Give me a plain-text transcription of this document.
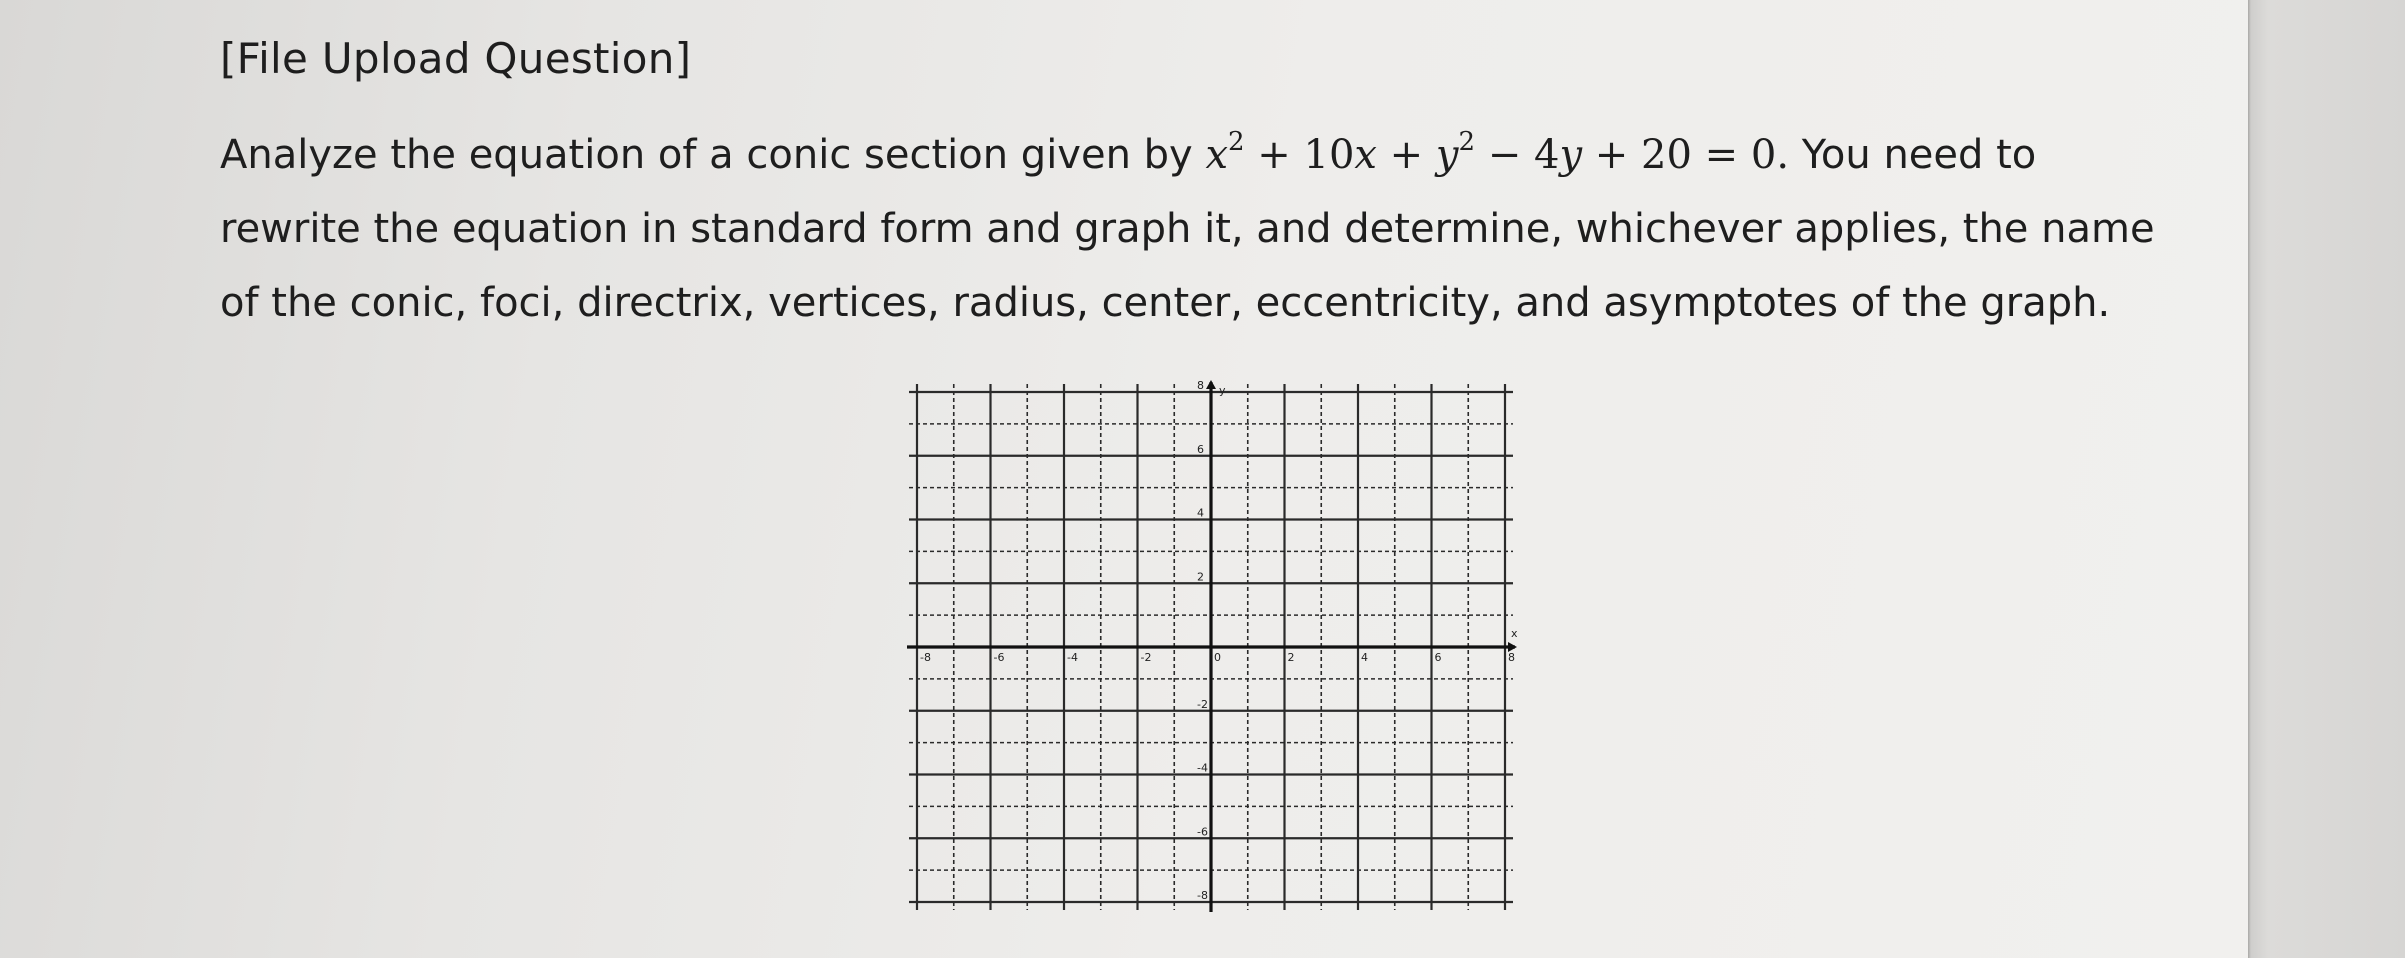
[File Upload Question]
Analyze the equation of a conic section given by $x^2 + 10x + y^2 - 4y + 20 = 0$. You need to
rewrite the equation in standard form and graph it, and determine, whichever applies, the name
of the conic, foci, directrix, vertices, radius, center, eccentricity, and asymptotes of the graph.
-8	-6	-4	-2	0	2	4	6	8
8
6
4
2
-2
-4
-6
-8
x
y
